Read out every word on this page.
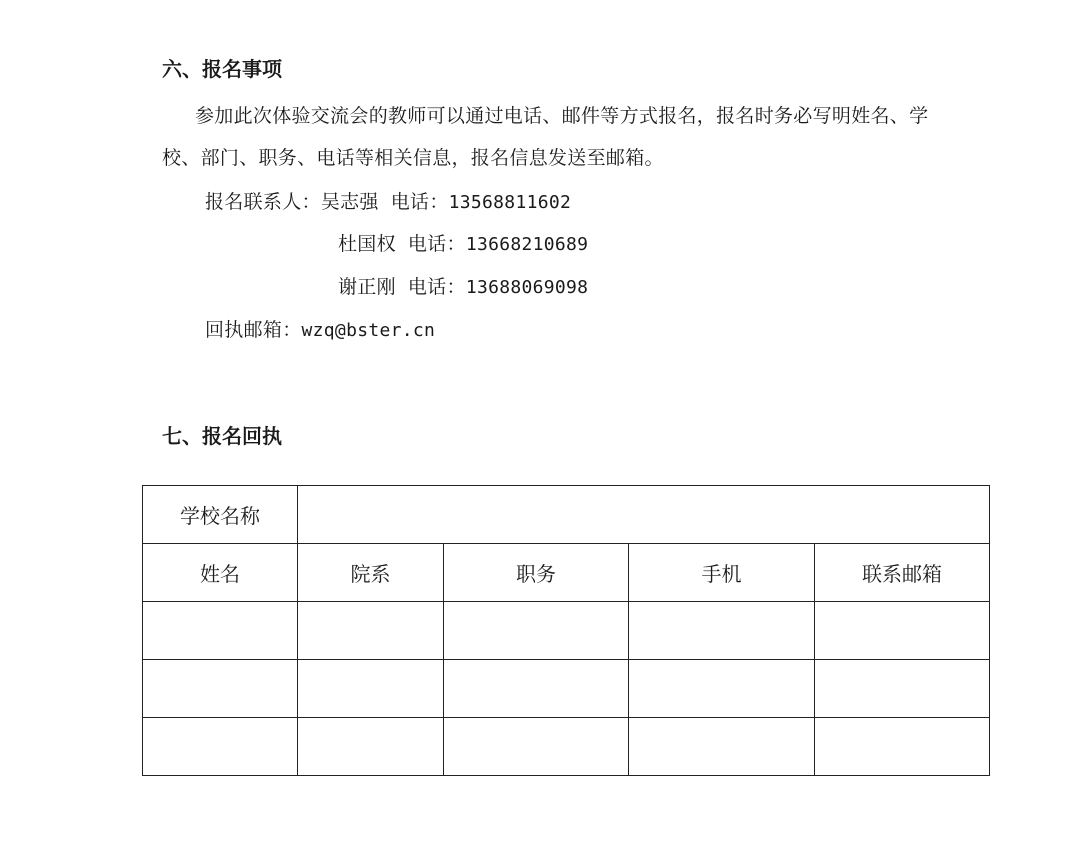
六、报名事项

参加此次体验交流会的教师可以通过电话、邮件等方式报名，报名时务必写明姓名、学校、部门、职务、电话等相关信息，报名信息发送至邮箱。

报名联系人：吴志强 电话：13568811602
杜国权 电话：13668210689
谢正刚 电话：13688069098
回执邮箱：wzq@bster.cn
七、报名回执
学校名称				
姓名	院系	职务	手机	联系邮箱
